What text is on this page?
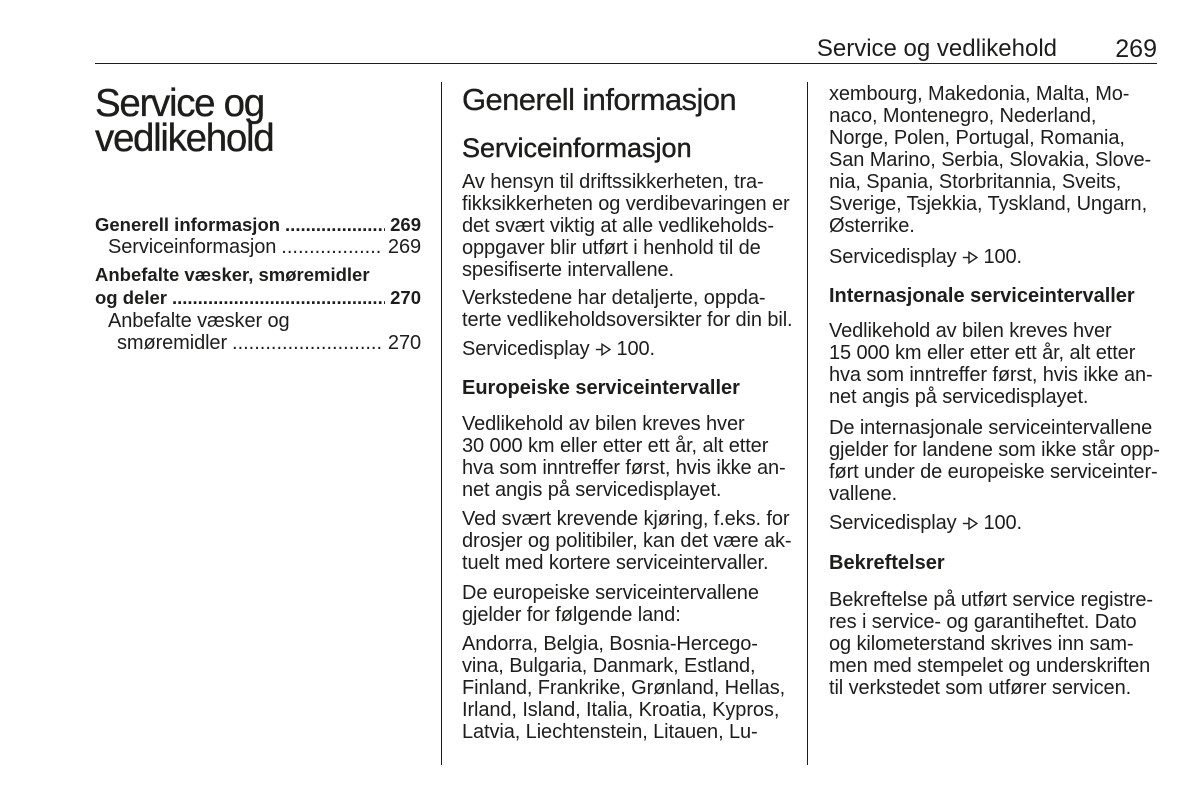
Service og vedlikehold 269
Service og
vedlikehold
Generell informasjon .....	269
Serviceinformasjon .....	269
Anbefalte væsker, smøremidler
og deler .....	270
Anbefalte væsker og
smøremidler .....	270
Generell informasjon
Serviceinformasjon
Av hensyn til driftssikkerheten, tra-
fikksikkerheten og verdibevaringen er
det svært viktig at alle vedlikeholds-
oppgaver blir utført i henhold til de
spesifiserte intervallene.
Verkstedene har detaljerte, oppda-
terte vedlikeholdsoversikter for din bil.
Servicedisplay 100.
Europeiske serviceintervaller
Vedlikehold av bilen kreves hver
30 000 km eller etter ett år, alt etter
hva som inntreffer først, hvis ikke an-
net angis på servicedisplayet.
Ved svært krevende kjøring, f.eks. for
drosjer og politibiler, kan det være ak-
tuelt med kortere serviceintervaller.
De europeiske serviceintervallene
gjelder for følgende land:
Andorra, Belgia, Bosnia-Hercego-
vina, Bulgaria, Danmark, Estland,
Finland, Frankrike, Grønland, Hellas,
Irland, Island, Italia, Kroatia, Kypros,
Latvia, Liechtenstein, Litauen, Lu-
xembourg, Makedonia, Malta, Mo-
naco, Montenegro, Nederland,
Norge, Polen, Portugal, Romania,
San Marino, Serbia, Slovakia, Slove-
nia, Spania, Storbritannia, Sveits,
Sverige, Tsjekkia, Tyskland, Ungarn,
Østerrike.
Servicedisplay 100.
Internasjonale serviceintervaller
Vedlikehold av bilen kreves hver
15 000 km eller etter ett år, alt etter
hva som inntreffer først, hvis ikke an-
net angis på servicedisplayet.
De internasjonale serviceintervallene
gjelder for landene som ikke står opp-
ført under de europeiske serviceinter-
vallene.
Servicedisplay 100.
Bekreftelser
Bekreftelse på utført service registre-
res i service- og garantiheftet. Dato
og kilometerstand skrives inn sam-
men med stempelet og underskriften
til verkstedet som utfører servicen.
